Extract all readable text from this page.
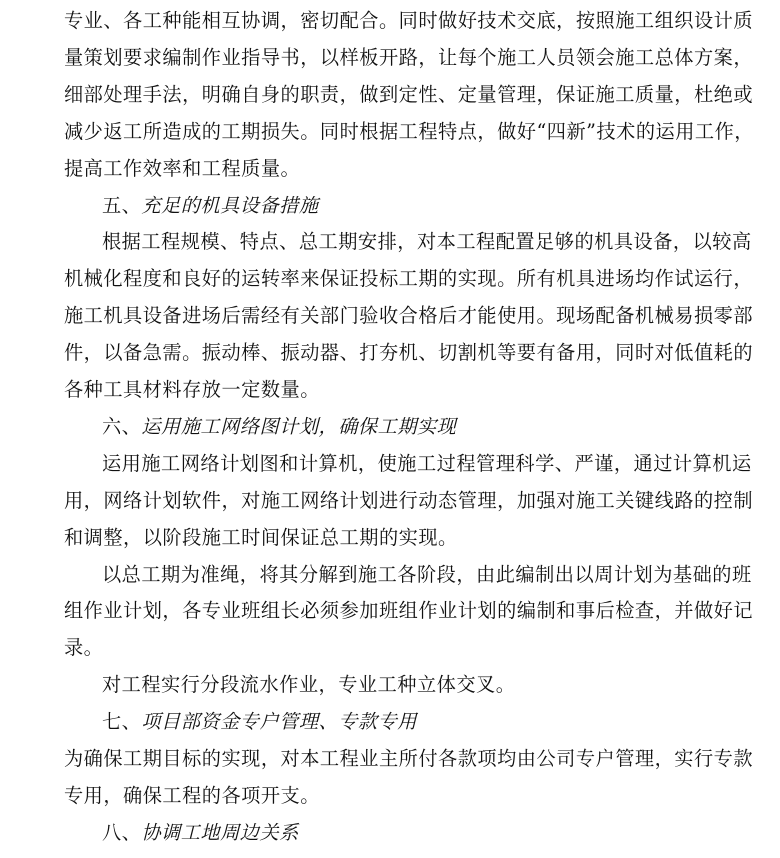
专业、各工种能相互协调，密切配合。同时做好技术交底，按照施工组织设计质
量策划要求编制作业指导书，以样板开路，让每个施工人员领会施工总体方案，
细部处理手法，明确自身的职责，做到定性、定量管理，保证施工质量，杜绝或
减少返工所造成的工期损失。同时根据工程特点，做好“四新”技术的运用工作，
提高工作效率和工程质量。
五、充足的机具设备措施
根据工程规模、特点、总工期安排，对本工程配置足够的机具设备，以较高
机械化程度和良好的运转率来保证投标工期的实现。所有机具进场均作试运行，
施工机具设备进场后需经有关部门验收合格后才能使用。现场配备机械易损零部
件，以备急需。振动棒、振动器、打夯机、切割机等要有备用，同时对低值耗的
各种工具材料存放一定数量。
六、运用施工网络图计划，确保工期实现
运用施工网络计划图和计算机，使施工过程管理科学、严谨，通过计算机运
用，网络计划软件，对施工网络计划进行动态管理，加强对施工关键线路的控制
和调整，以阶段施工时间保证总工期的实现。
以总工期为准绳，将其分解到施工各阶段，由此编制出以周计划为基础的班
组作业计划，各专业班组长必须参加班组作业计划的编制和事后检查，并做好记
录。
对工程实行分段流水作业，专业工种立体交叉。
七、项目部资金专户管理、专款专用
为确保工期目标的实现，对本工程业主所付各款项均由公司专户管理，实行专款
专用，确保工程的各项开支。
八、协调工地周边关系
